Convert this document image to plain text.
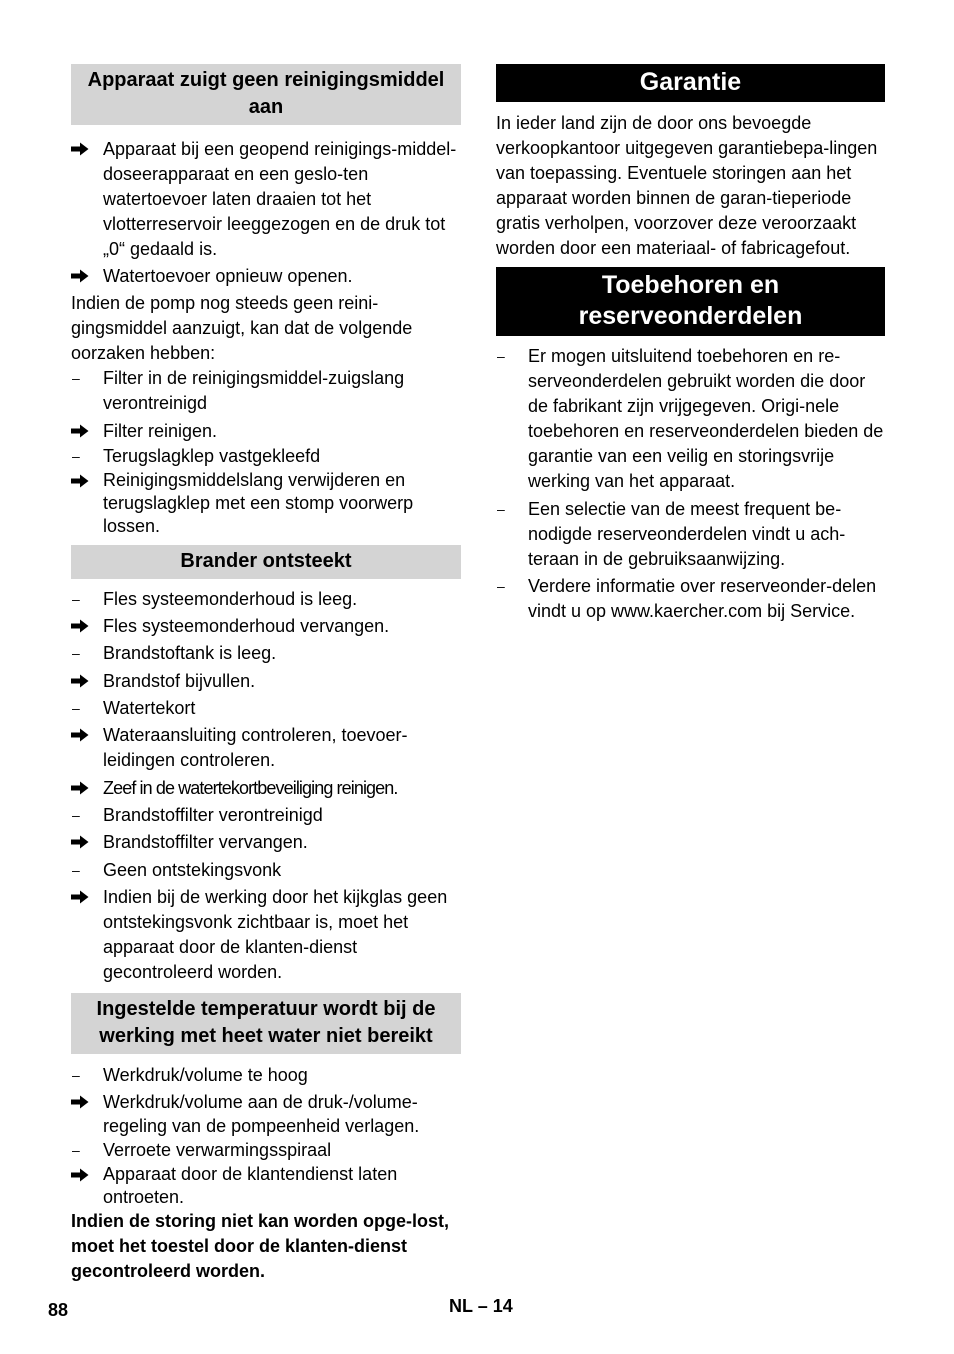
Apparaat zuigt geen reinigingsmiddel aan
Apparaat bij een geopend reinigings-middel-doseerapparaat en een geslo-ten watertoevoer laten draaien tot het vlotterreservoir leeggezogen en de druk tot „0“ gedaald is.
Watertoevoer opnieuw openen.
Indien de pomp nog steeds geen reini-gingsmiddel aanzuigt, kan dat de volgende oorzaken hebben:
–	Filter in de reinigingsmiddel-zuigslang verontreinigd
Filter reinigen.
–	Terugslagklep vastgekleefd
Reinigingsmiddelslang verwijderen en terugslagklep met een stomp voorwerp lossen.
Brander ontsteekt
–	Fles systeemonderhoud is leeg.
Fles systeemonderhoud vervangen.
–	Brandstoftank is leeg.
Brandstof bijvullen.
–	Watertekort
Wateraansluiting controleren, toevoer-leidingen controleren.
Zeef in de watertekortbeveiliging reinigen.
–	Brandstoffilter verontreinigd
Brandstoffilter vervangen.
–	Geen ontstekingsvonk
Indien bij de werking door het kijkglas geen ontstekingsvonk zichtbaar is, moet het apparaat door de klanten-dienst gecontroleerd worden.
Ingestelde temperatuur wordt bij de werking met heet water niet bereikt
–	Werkdruk/volume te hoog
Werkdruk/volume aan de druk-/volume-regeling van de pompeenheid verlagen.
–	Verroete verwarmingsspiraal
Apparaat door de klantendienst laten ontroeten.
Indien de storing niet kan worden opge-lost, moet het toestel door de klanten-dienst gecontroleerd worden.
Garantie
In ieder land zijn de door ons bevoegde verkoopkantoor uitgegeven garantiebepa-lingen van toepassing. Eventuele storingen aan het apparaat worden binnen de garan-tieperiode gratis verholpen, voorzover deze veroorzaakt worden door een materiaal- of fabricagefout.
Toebehoren en reserveonderdelen
–	Er mogen uitsluitend toebehoren en re-serveonderdelen gebruikt worden die door de fabrikant zijn vrijgegeven. Origi-nele toebehoren en reserveonderdelen bieden de garantie van een veilig en storingsvrije werking van het apparaat.
–	Een selectie van de meest frequent be-nodigde reserveonderdelen vindt u ach-teraan in de gebruiksaanwijzing.
–	Verdere informatie over reserveonder-delen vindt u op www.kaercher.com bij Service.
88	NL – 14
